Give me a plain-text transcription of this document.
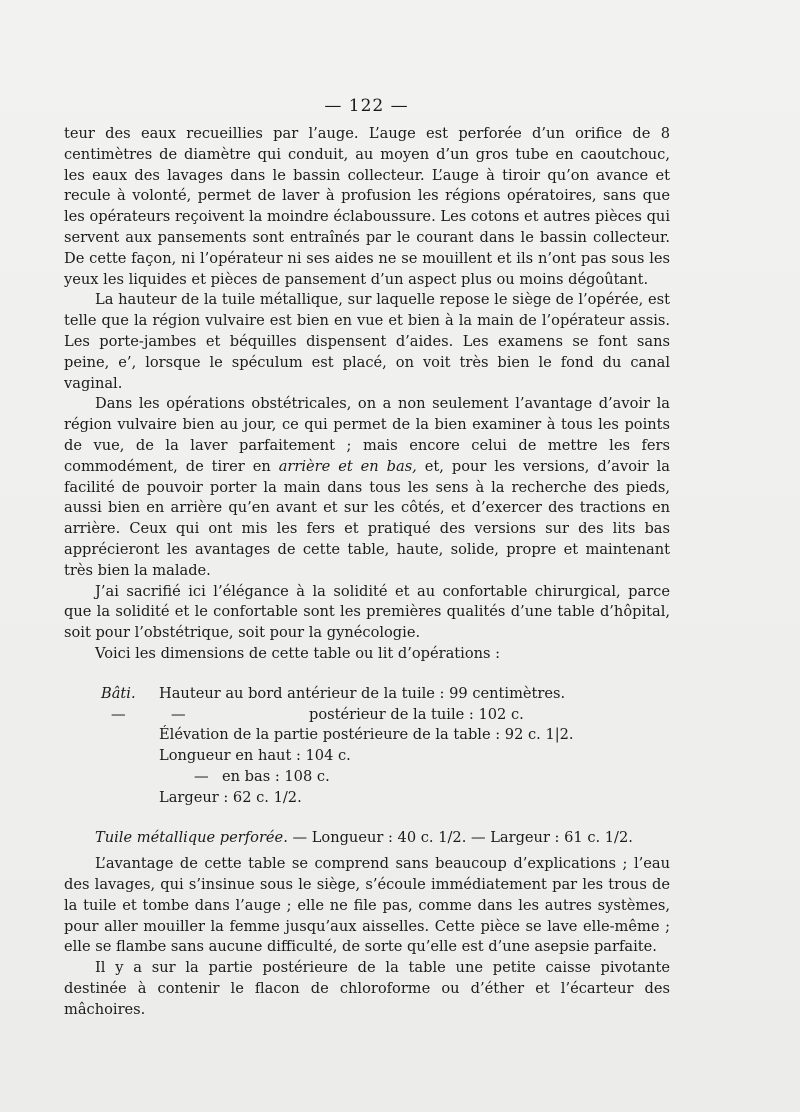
— 122 —

teur des eaux recueillies par l’auge. L’auge est perforée d’un orifice de 8 centimètres de diamètre qui conduit, au moyen d’un gros tube en caoutchouc, les eaux des lavages dans le bassin collecteur. L’auge à tiroir qu’on avance et recule à volonté, permet de laver à profusion les régions opératoires, sans que les opérateurs reçoivent la moindre éclaboussure. Les cotons et autres pièces qui servent aux pansements sont entraînés par le courant dans le bassin collecteur. De cette façon, ni l’opérateur ni ses aides ne se mouillent et ils n’ont pas sous les yeux les liquides et pièces de pansement d’un aspect plus ou moins dégoûtant.

La hauteur de la tuile métallique, sur laquelle repose le siège de l’opérée, est telle que la région vulvaire est bien en vue et bien à la main de l’opérateur assis. Les porte-jambes et béquilles dispensent d’aides. Les examens se font sans peine, e’, lorsque le spéculum est placé, on voit très bien le fond du canal vaginal.

Dans les opérations obstétricales, on a non seulement l’avantage d’avoir la région vulvaire bien au jour, ce qui permet de la bien examiner à tous les points de vue, de la laver parfaitement ; mais encore celui de mettre les fers commodément, de tirer en arrière et en bas, et, pour les versions, d’avoir la facilité de pouvoir porter la main dans tous les sens à la recherche des pieds, aussi bien en arrière qu’en avant et sur les côtés, et d’exercer des tractions en arrière. Ceux qui ont mis les fers et pratiqué des versions sur des lits bas apprécieront les avantages de cette table, haute, solide, propre et maintenant très bien la malade.

J’ai sacrifié ici l’élégance à la solidité et au confortable chirurgical, parce que la solidité et le confortable sont les premières qualités d’une table d’hôpital, soit pour l’obstétrique, soit pour la gynécologie.

Voici les dimensions de cette table ou lit d’opérations :

Bâti.	Hauteur au bord antérieur de la tuile : 99 centimètres.
—	—	postérieur de la tuile : 102 c.
Élévation de la partie postérieure de la table : 92 c. 1|2.
Longueur en haut : 104 c.
— en bas : 108 c.
Largeur : 62 c. 1/2.
Tuile métallique perforée. — Longueur : 40 c. 1/2. — Largeur : 61 c. 1/2.

L’avantage de cette table se comprend sans beaucoup d’explications ; l’eau des lavages, qui s’insinue sous le siège, s’écoule immédiatement par les trous de la tuile et tombe dans l’auge ; elle ne file pas, comme dans les autres systèmes, pour aller mouiller la femme jusqu’aux aisselles. Cette pièce se lave elle-même ; elle se flambe sans aucune difficulté, de sorte qu’elle est d’une asepsie parfaite.

Il y a sur la partie postérieure de la table une petite caisse pivotante destinée à contenir le flacon de chloroforme ou d’éther et l’écarteur des mâchoires.
